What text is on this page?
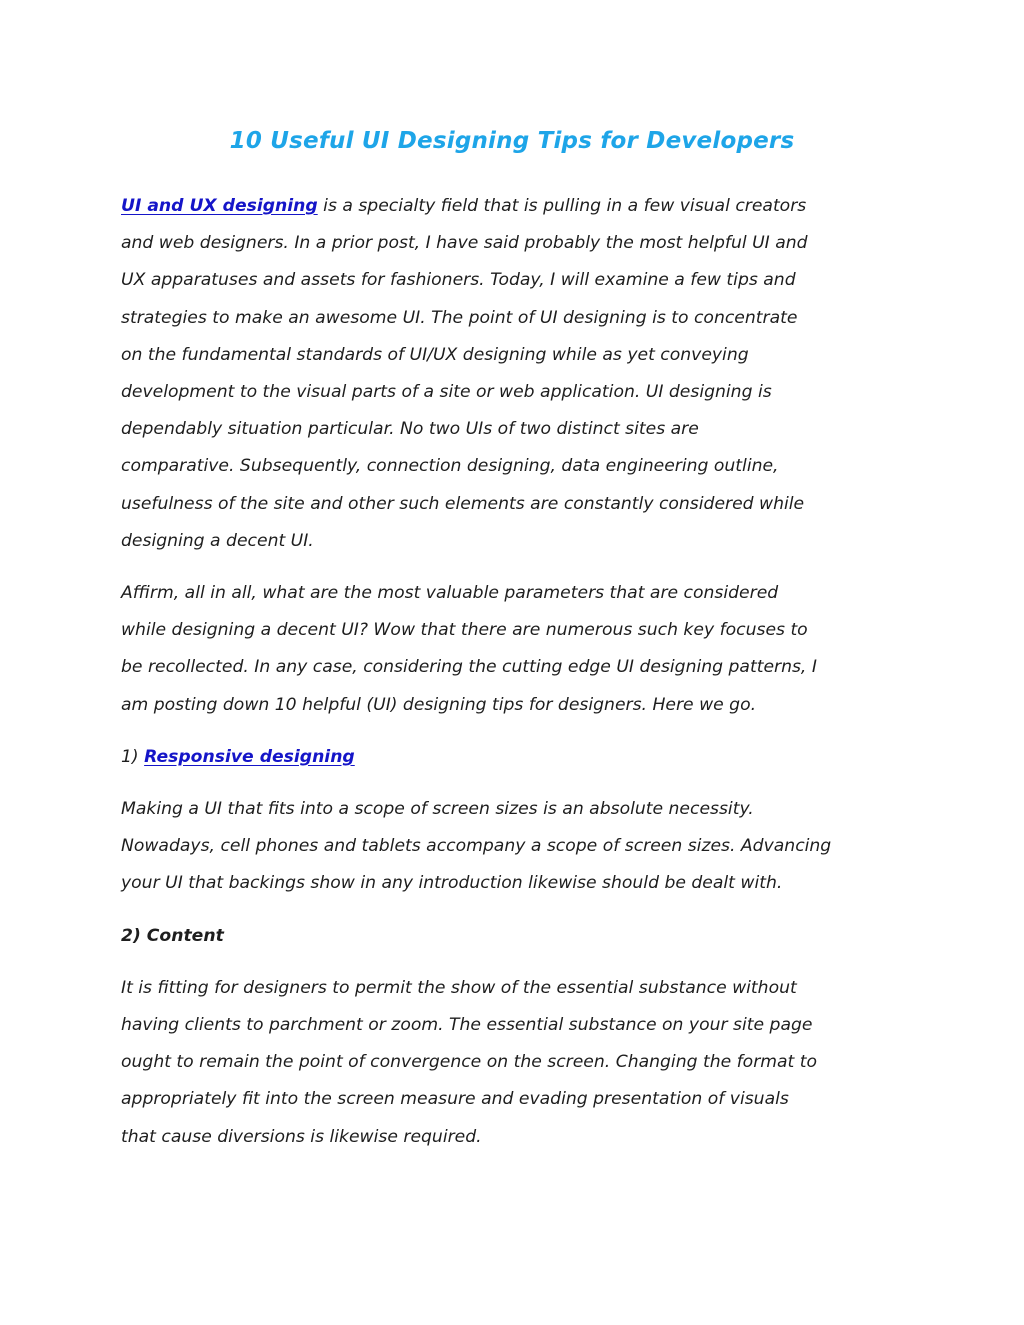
10 Useful UI Designing Tips for Developers

UI and UX designing is a specialty field that is pulling in a few visual creators
and web designers. In a prior post, I have said probably the most helpful UI and
UX apparatuses and assets for fashioners. Today, I will examine a few tips and
strategies to make an awesome UI. The point of UI designing is to concentrate
on the fundamental standards of UI/UX designing while as yet conveying
development to the visual parts of a site or web application. UI designing is
dependably situation particular. No two UIs of two distinct sites are
comparative. Subsequently, connection designing, data engineering outline,
usefulness of the site and other such elements are constantly considered while
designing a decent UI.

Affirm, all in all, what are the most valuable parameters that are considered
while designing a decent UI? Wow that there are numerous such key focuses to
be recollected. In any case, considering the cutting edge UI designing patterns, I
am posting down 10 helpful (UI) designing tips for designers. Here we go.

1) Responsive designing

Making a UI that fits into a scope of screen sizes is an absolute necessity.
Nowadays, cell phones and tablets accompany a scope of screen sizes. Advancing
your UI that backings show in any introduction likewise should be dealt with.

2) Content

It is fitting for designers to permit the show of the essential substance without
having clients to parchment or zoom. The essential substance on your site page
ought to remain the point of convergence on the screen. Changing the format to
appropriately fit into the screen measure and evading presentation of visuals
that cause diversions is likewise required.
